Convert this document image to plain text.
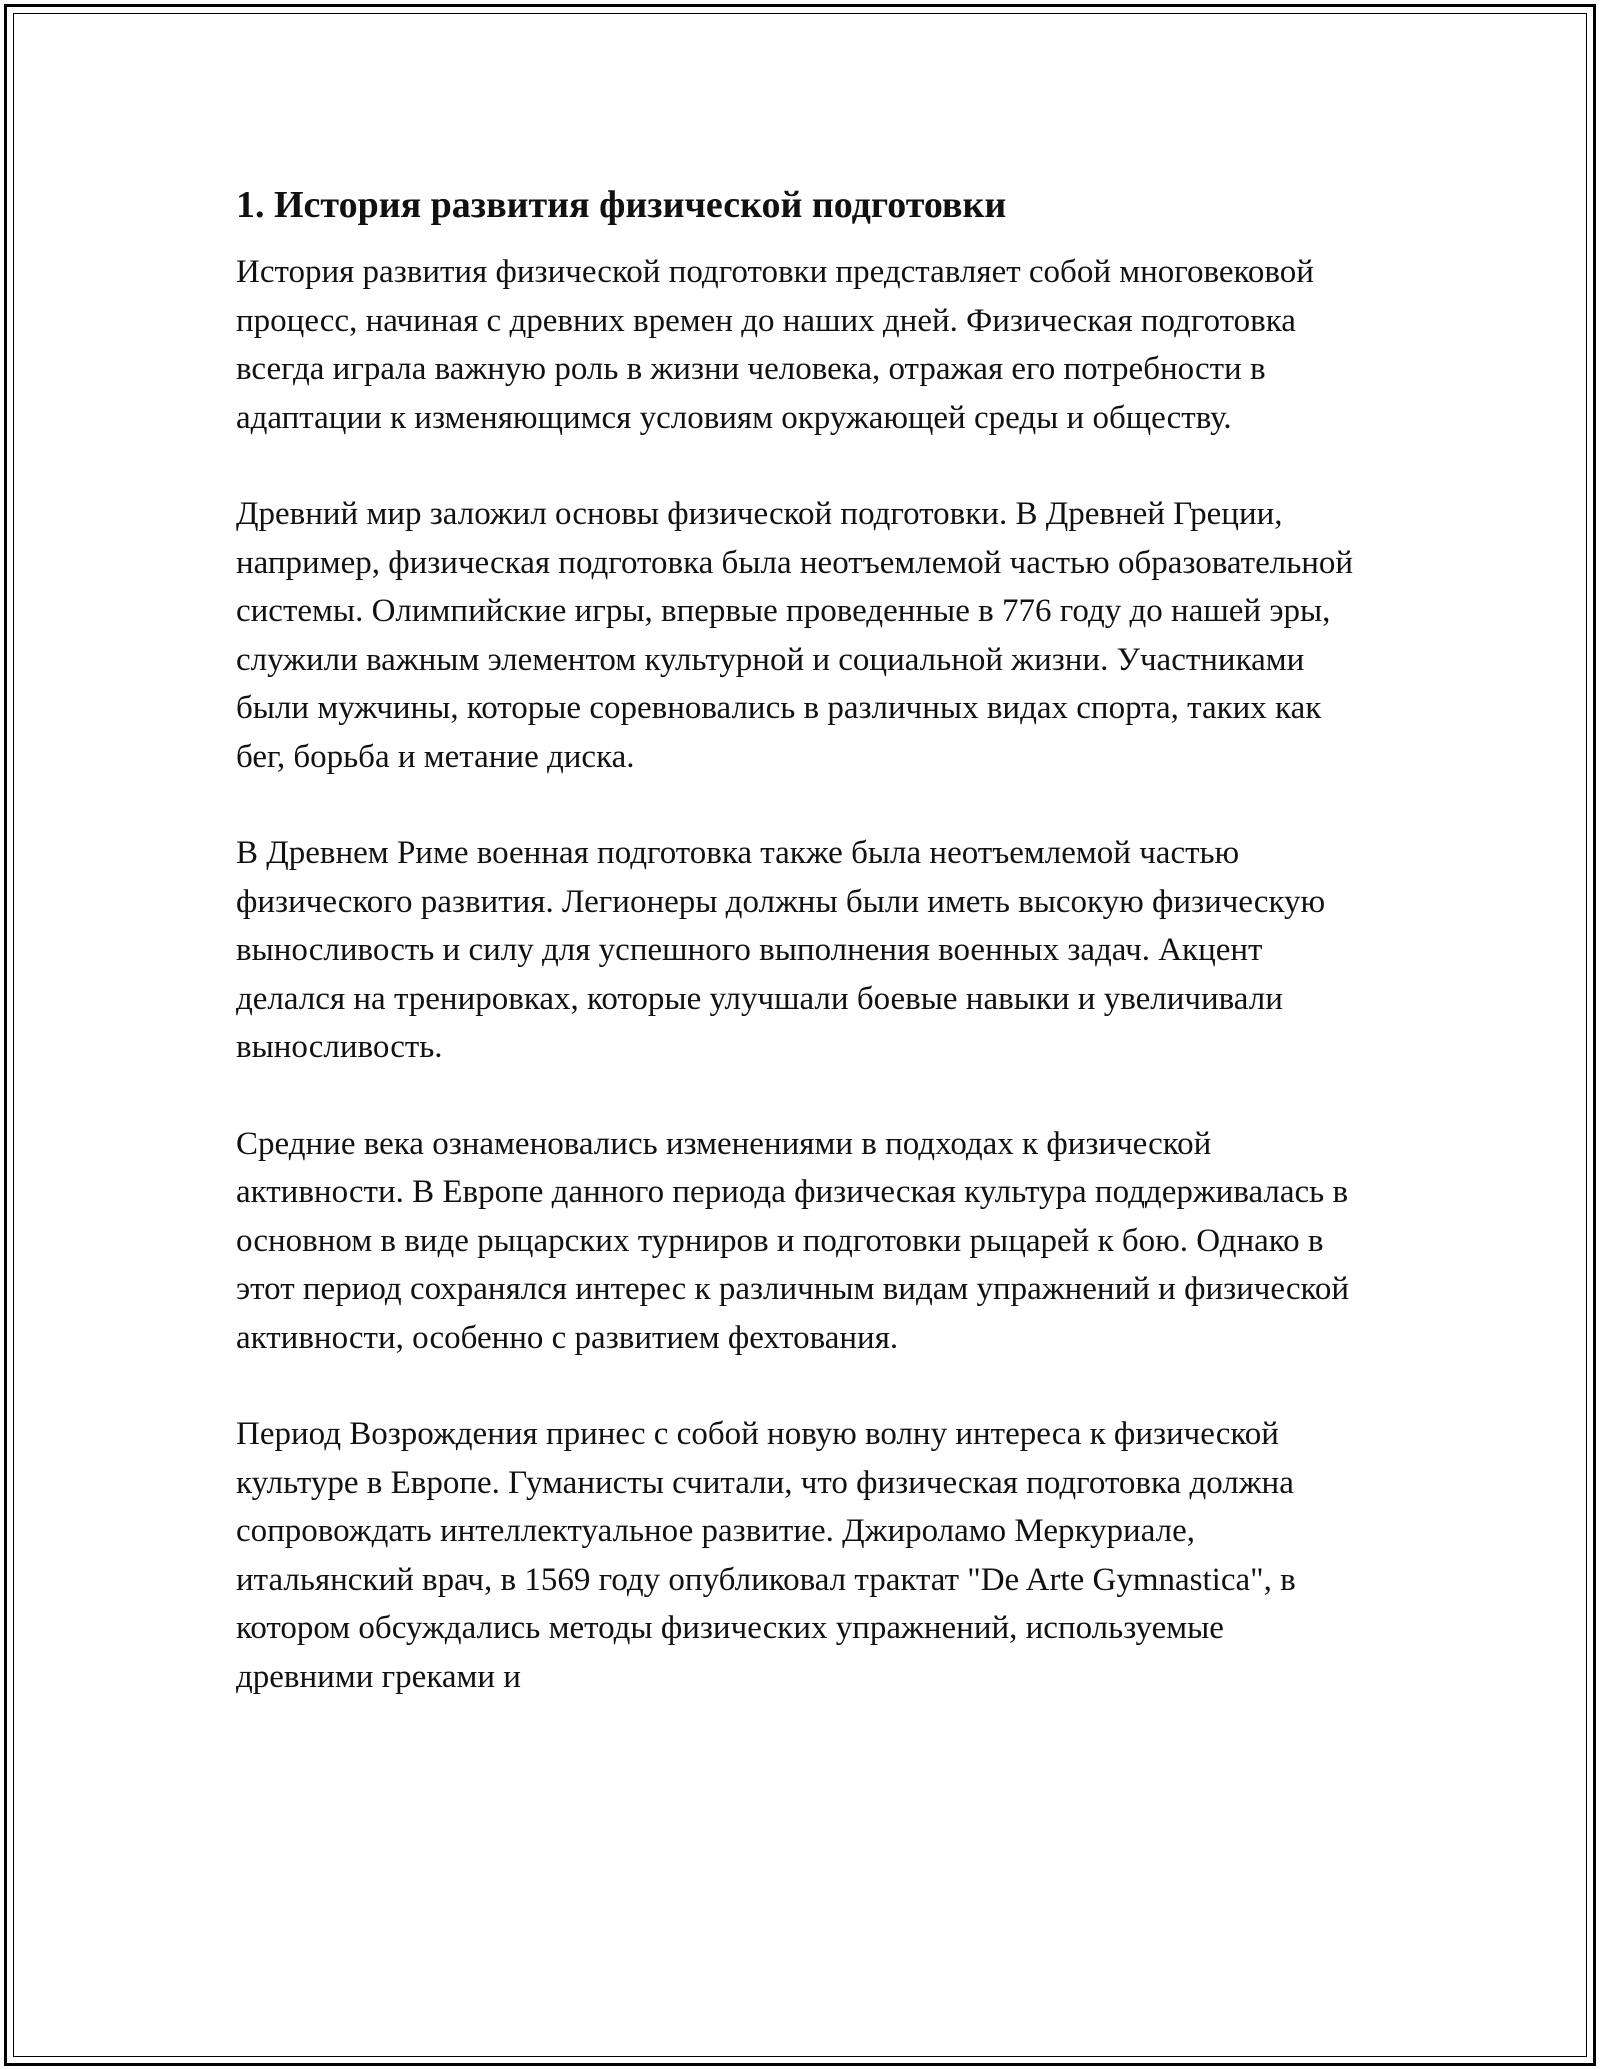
1. История развития физической подготовки

История развития физической подготовки представляет собой многовековой процесс, начиная с древних времен до наших дней. Физическая подготовка всегда играла важную роль в жизни человека, отражая его потребности в адаптации к изменяющимся условиям окружающей среды и обществу.

Древний мир заложил основы физической подготовки. В Древней Греции, например, физическая подготовка была неотъемлемой частью образовательной системы. Олимпийские игры, впервые проведенные в 776 году до нашей эры, служили важным элементом культурной и социальной жизни. Участниками были мужчины, которые соревновались в различных видах спорта, таких как бег, борьба и метание диска.

В Древнем Риме военная подготовка также была неотъемлемой частью физического развития. Легионеры должны были иметь высокую физическую выносливость и силу для успешного выполнения военных задач. Акцент делался на тренировках, которые улучшали боевые навыки и увеличивали выносливость.

Средние века ознаменовались изменениями в подходах к физической активности. В Европе данного периода физическая культура поддерживалась в основном в виде рыцарских турниров и подготовки рыцарей к бою. Однако в этот период сохранялся интерес к различным видам упражнений и физической активности, особенно с развитием фехтования.

Период Возрождения принес с собой новую волну интереса к физической культуре в Европе. Гуманисты считали, что физическая подготовка должна сопровождать интеллектуальное развитие. Джироламо Меркуриале, итальянский врач, в 1569 году опубликовал трактат "De Arte Gymnastica", в котором обсуждались методы физических упражнений, используемые древними греками и
